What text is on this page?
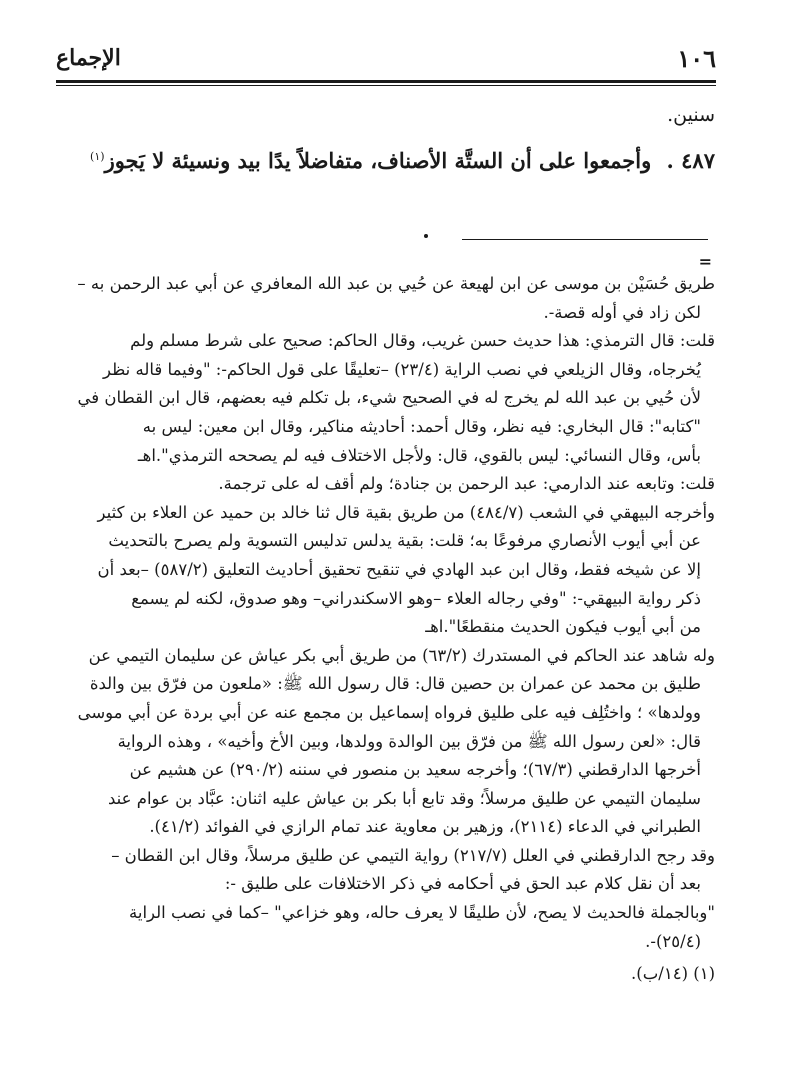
١٠٦
الإجماع
سنين.
٤٨٧ . وأجمعوا على أن الستَّة الأصناف، متفاضلاً يدًا بيد ونسيئة لا يَجوز$^{(١)}$
=

طريق حُسَيْن بن موسى عن ابن لهيعة عن حُيي بن عبد الله المعافري عن أبي عبد الرحمن به –

لكن زاد في أوله قصة-.

قلت: قال الترمذي: هذا حديث حسن غريب، وقال الحاكم: صحيح على شرط مسلم ولم

يُخرجاه، وقال الزيلعي في نصب الراية (٢٣/٤) –تعليقًا على قول الحاكم-: "وفيما قاله نظر

لأن حُيي بن عبد الله لم يخرج له في الصحيح شيء، بل تكلم فيه بعضهم، قال ابن القطان في

"كتابه": قال البخاري: فيه نظر، وقال أحمد: أحاديثه مناكير، وقال ابن معين: ليس به

بأس، وقال النسائي: ليس بالقوي، قال: ولأجل الاختلاف فيه لم يصححه الترمذي".اهـ

قلت: وتابعه عند الدارمي: عبد الرحمن بن جنادة؛ ولم أقف له على ترجمة.

وأخرجه البيهقي في الشعب (٤٨٤/٧) من طريق بقية قال ثنا خالد بن حميد عن العلاء بن كثير

عن أبي أيوب الأنصاري مرفوعًا به؛ قلت: بقية يدلس تدليس التسوية ولم يصرح بالتحديث

إلا عن شيخه فقط، وقال ابن عبد الهادي في تنقيح تحقيق أحاديث التعليق (٥٨٧/٢) –بعد أن

ذكر رواية البيهقي-: "وفي رجاله العلاء –وهو الاسكندراني– وهو صدوق، لكنه لم يسمع

من أبي أيوب فيكون الحديث منقطعًا".اهـ

وله شاهد عند الحاكم في المستدرك (٦٣/٢) من طريق أبي بكر عياش عن سليمان التيمي عن

طليق بن محمد عن عمران بن حصين قال: قال رسول الله ﷺ: «ملعون من فرّق بين والدة

وولدها» ؛ واختُلِف فيه على طليق فرواه إسماعيل بن مجمع عنه عن أبي بردة عن أبي موسى

قال: «لعن رسول الله ﷺ من فرّق بين الوالدة وولدها، وبين الأخ وأخيه» ، وهذه الرواية

أخرجها الدارقطني (٦٧/٣)؛ وأخرجه سعيد بن منصور في سننه (٢٩٠/٢) عن هشيم عن

سليمان التيمي عن طليق مرسلاً؛ وقد تابع أبا بكر بن عياش عليه اثنان: عبَّاد بن عوام عند

الطبراني في الدعاء (٢١١٤)، وزهير بن معاوية عند تمام الرازي في الفوائد (٤١/٢).

وقد رجح الدارقطني في العلل (٢١٧/٧) رواية التيمي عن طليق مرسلاً، وقال ابن القطان –

بعد أن نقل كلام عبد الحق في أحكامه في ذكر الاختلافات على طليق -:

"وبالجملة فالحديث لا يصح، لأن طليقًا لا يعرف حاله، وهو خزاعي" –كما في نصب الراية

(٢٥/٤)-.

(١) (١٤/ب).
